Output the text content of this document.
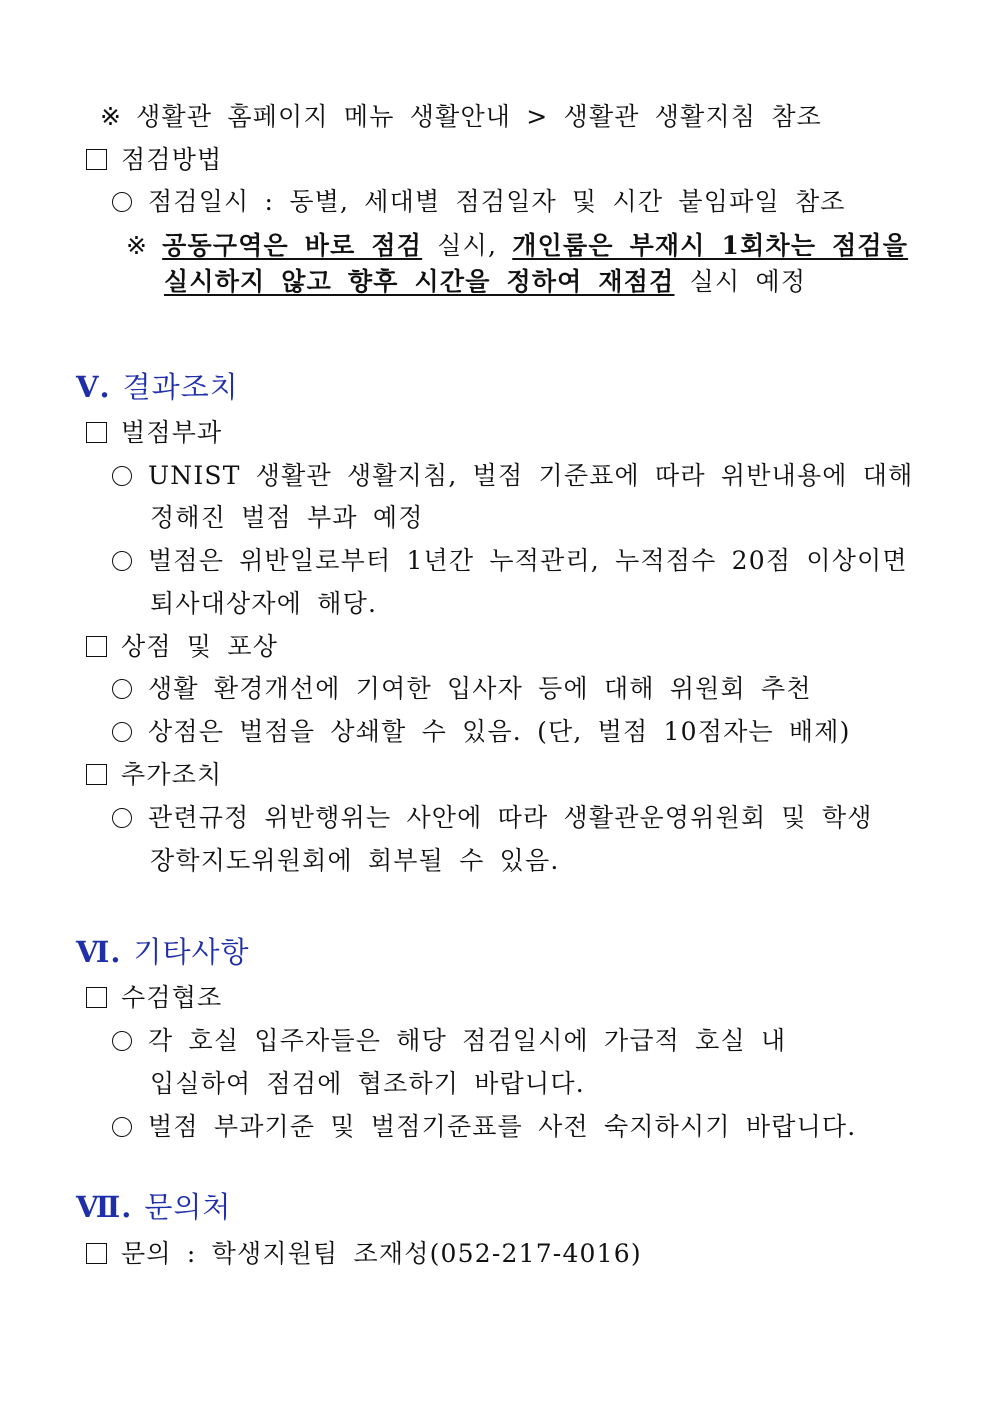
※ 생활관 홈페이지 메뉴 생활안내 > 생활관 생활지침 참조
점검방법
점검일시 : 동별, 세대별 점검일자 및 시간 붙임파일 참조
※ 공동구역은 바로 점검 실시, 개인룸은 부재시 1회차는 점검을
실시하지 않고 향후 시간을 정하여 재점검 실시 예정
Ⅴ. 결과조치
벌점부과
UNIST 생활관 생활지침, 벌점 기준표에 따라 위반내용에 대해
정해진 벌점 부과 예정
벌점은 위반일로부터 1년간 누적관리, 누적점수 20점 이상이면
퇴사대상자에 해당.
상점 및 포상
생활 환경개선에 기여한 입사자 등에 대해 위원회 추천
상점은 벌점을 상쇄할 수 있음. (단, 벌점 10점자는 배제)
추가조치
관련규정 위반행위는 사안에 따라 생활관운영위원회 및 학생
장학지도위원회에 회부될 수 있음.
Ⅵ. 기타사항
수검협조
각 호실 입주자들은 해당 점검일시에 가급적 호실 내
입실하여 점검에 협조하기 바랍니다.
벌점 부과기준 및 벌점기준표를 사전 숙지하시기 바랍니다.
Ⅶ. 문의처
문의 : 학생지원팀 조재성(052-217-4016)
